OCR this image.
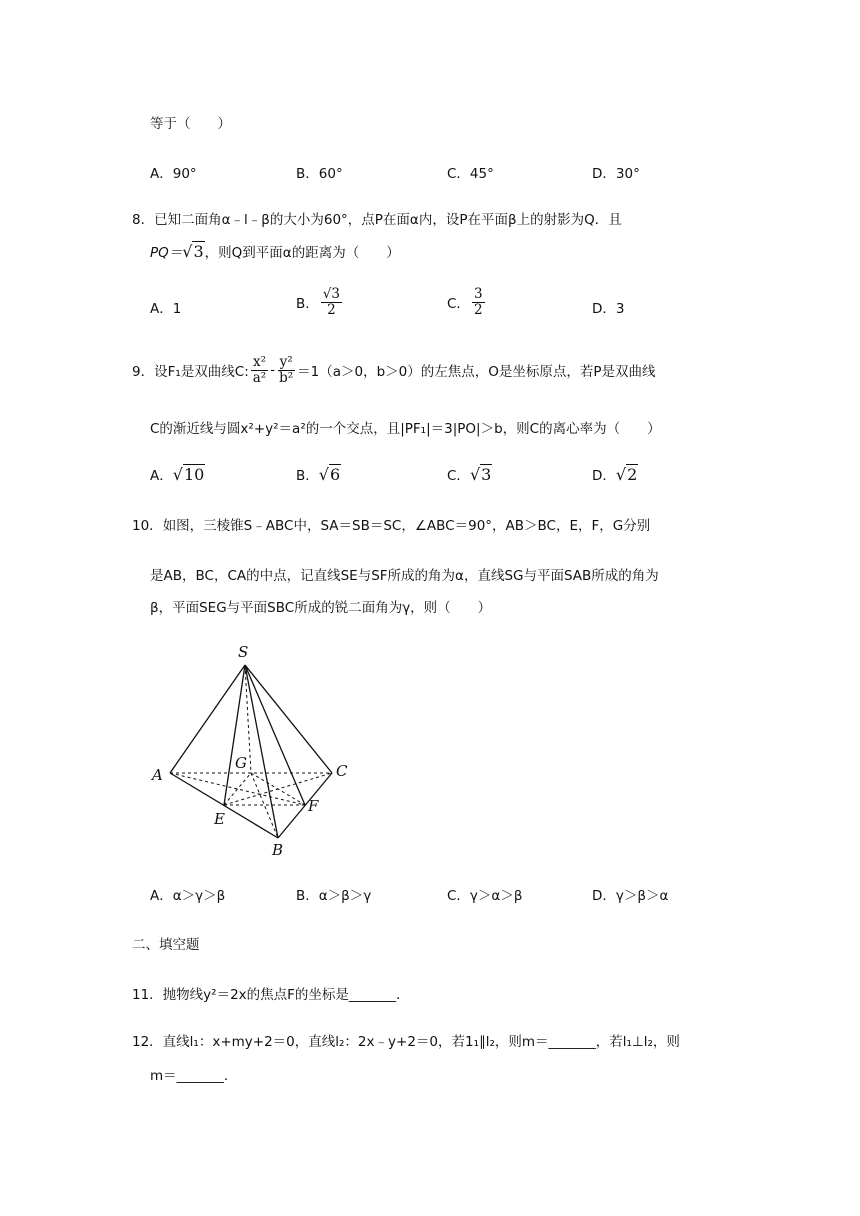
等于（　　）
A．90°	B．60°	C．45°	D．30°
8．已知二面角α﹣l﹣β的大小为60°，点P在面α内，设P在平面β上的射影为Q．且
PQ＝√3，则Q到平面α的距离为（　　）
A．1	B． $\frac{√3}{2}$	C． $\frac{3}{2}$	D．3
9． 设F₁是双曲线C: $\frac{\text{x²}}{\text{a²}} - \frac{\text{y²}}{\text{b²}} =1(a>0$，b＞0）的左焦点，O是坐标原点，若P是双曲线
C的渐近线与圆x²+y²＝a²的一个交点，且|PF₁|＝3|PO|＞b，则C的离心率为（　　）
A．√10	B．√6	C．√3	D．√2
10．如图，三棱锥S﹣ABC中，SA＝SB＝SC，∠ABC＝90°，AB＞BC，E，F，G分别
是AB，BC，CA的中点，记直线SE与SF所成的角为α，直线SG与平面SAB所成的角为
β，平面SEG与平面SBC所成的锐二面角为γ，则（　　）
S
A	C
B
E
F
G
A．α＞γ＞β	B．α＞β＞γ	C．γ＞α＞β	D．γ＞β＞α
二、填空题
11．抛物线y²＝2x的焦点F的坐标是_______．
12．直线l₁：x+my+2＝0，直线l₂：2x﹣y+2＝0，若1₁∥l₂，则m＝_______，若l₁⊥l₂，则
m＝_______．
